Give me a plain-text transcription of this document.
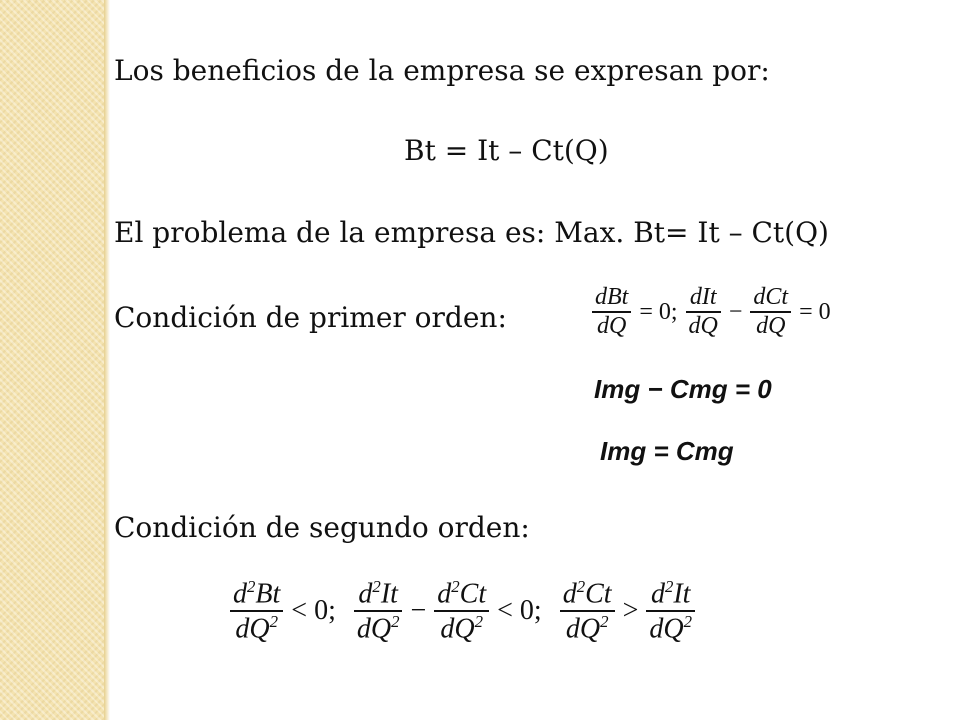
Los beneficios de la empresa se expresan por:
Bt = It – Ct(Q)
El problema de la empresa es: Max. Bt= It – Ct(Q)
Condición de primer orden:	$\frac{\text{dBt}}{dQ} = 0$; $\frac{\text{dIt}}{dQ} - \frac{\text{dCt}}{dQ} = 0$
Img − Cmg = 0
Img = Cmg
Condición de segundo orden:
$\frac{d^2Bt}{dQ^2} < 0$; $\frac{d^2It}{dQ^2} - \frac{d^2Ct}{dQ^2} < 0$; $\frac{d^2Ct}{dQ^2} > \frac{d^2It}{dQ^2}$
